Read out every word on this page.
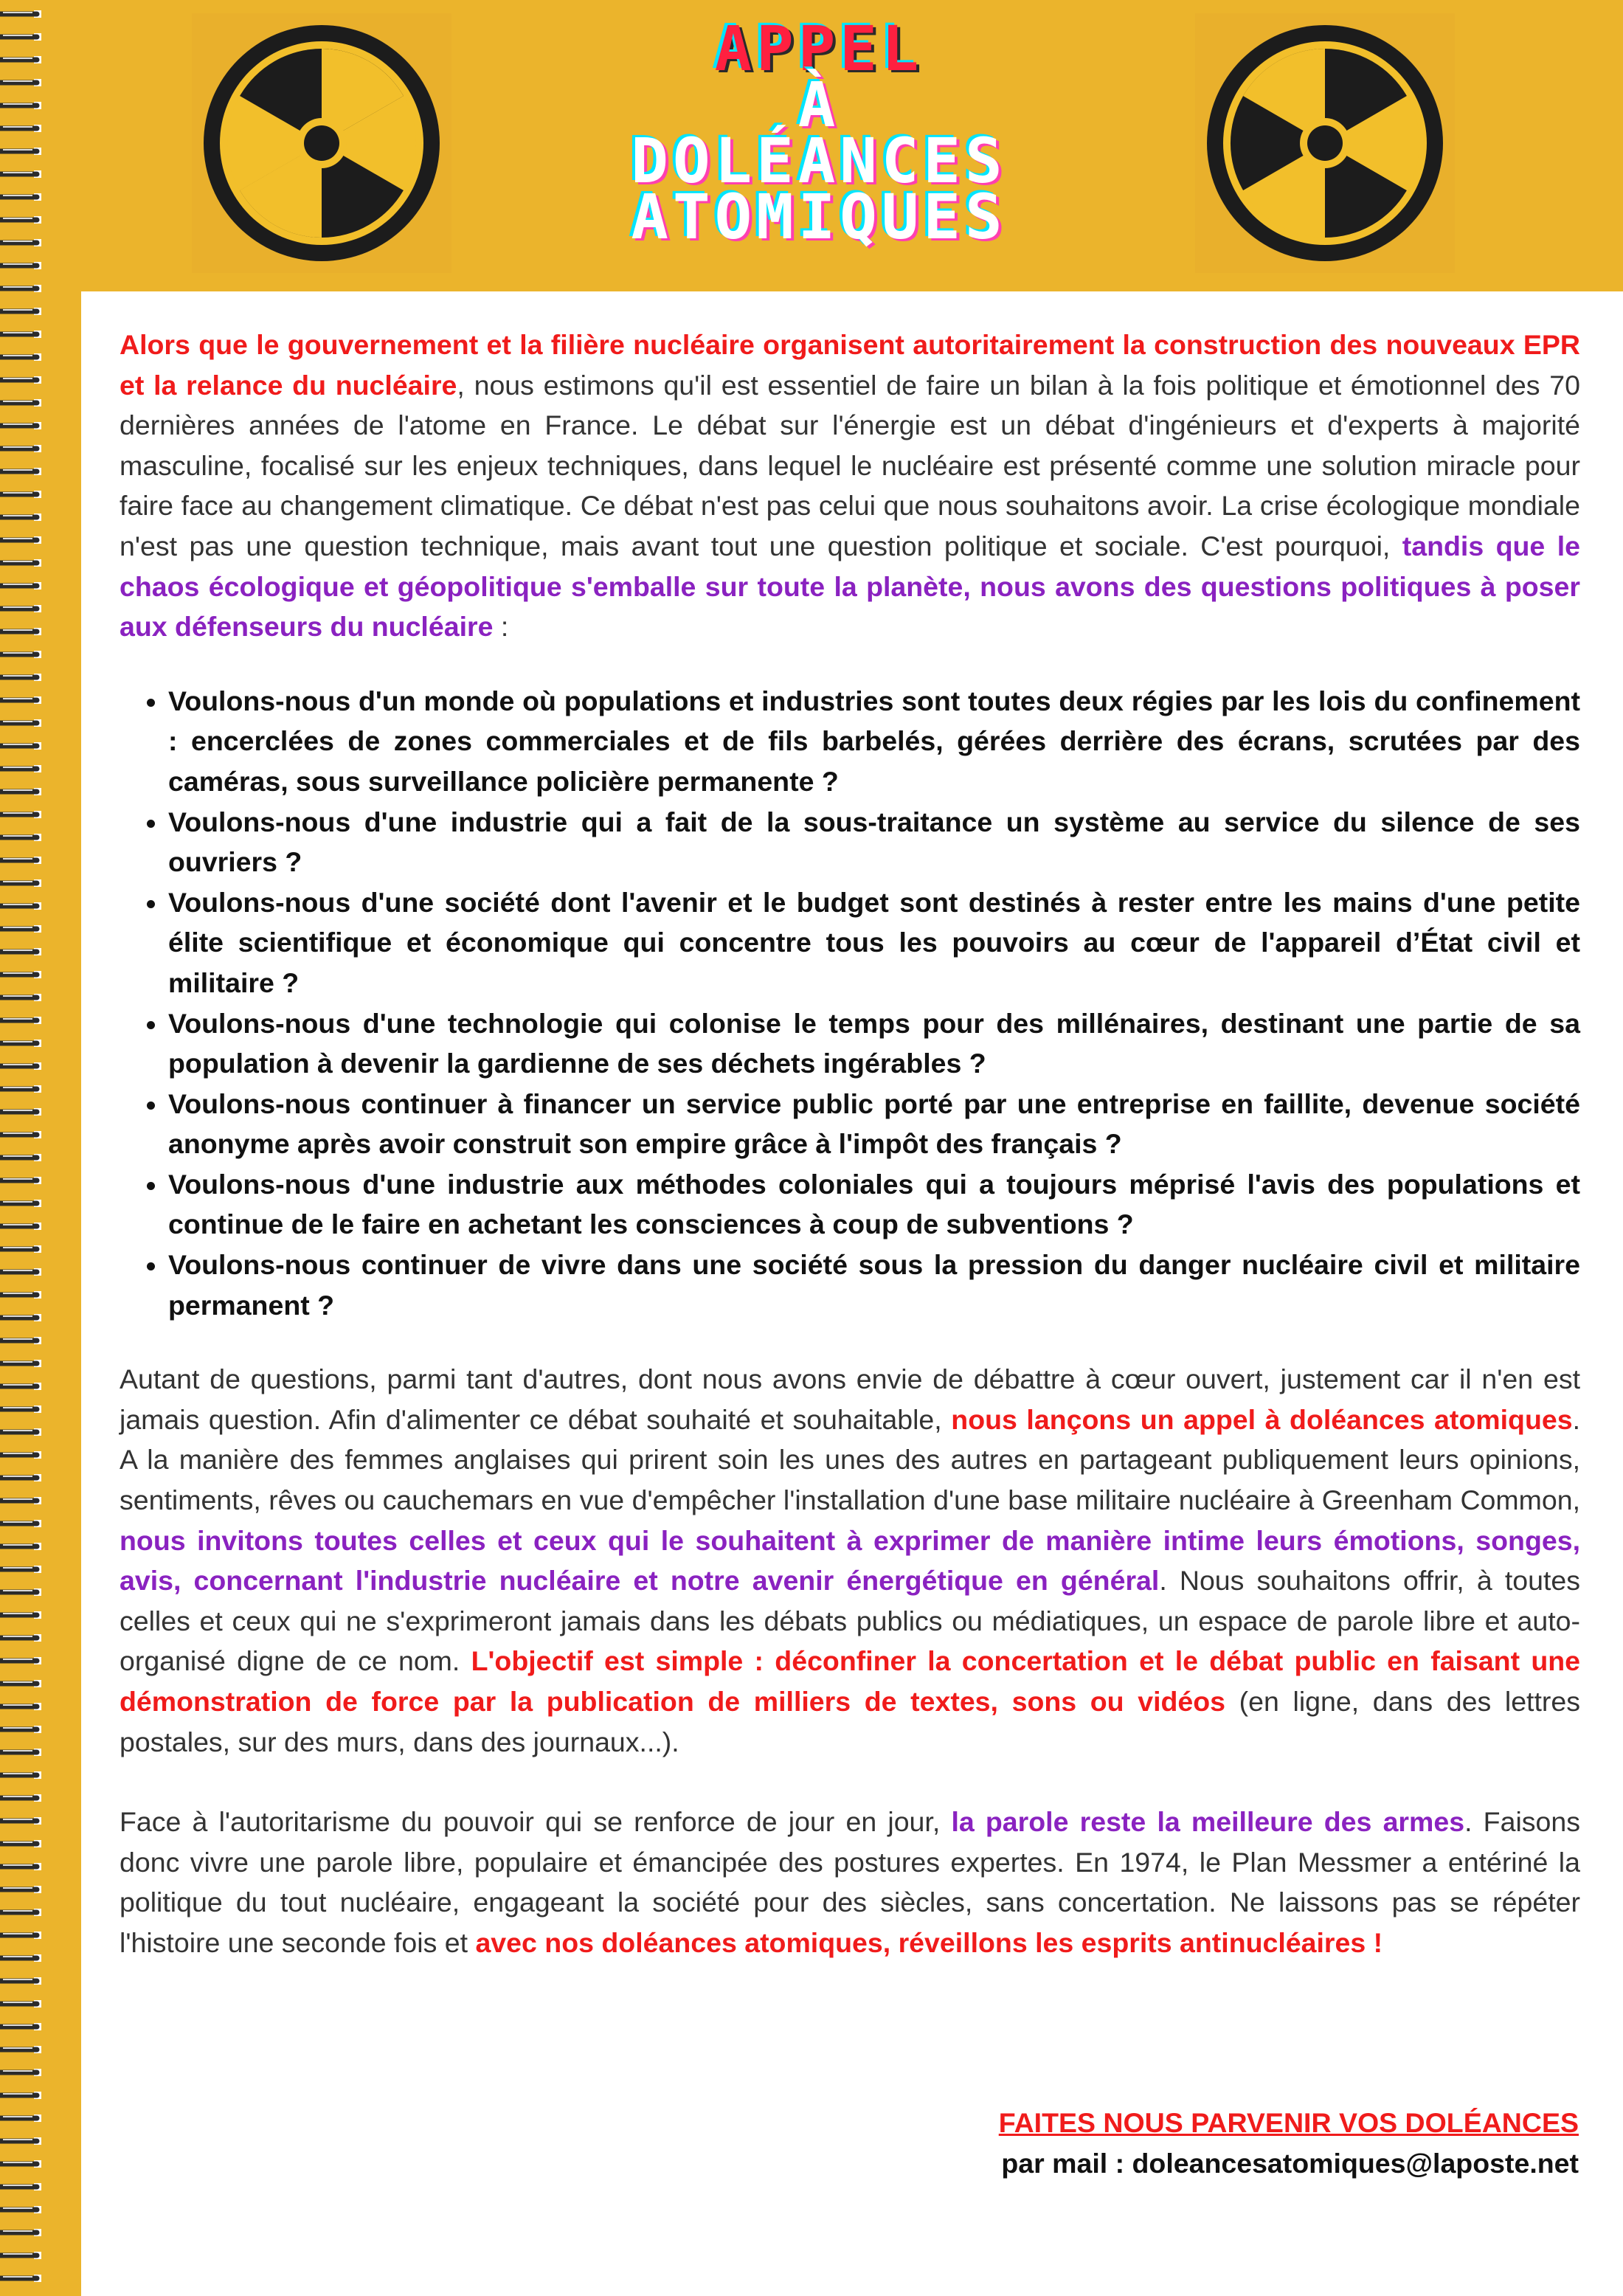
APPEL
À
DOLÉANCES
ATOMIQUES

Alors que le gouvernement et la filière nucléaire organisent autoritairement la construction des nouveaux EPR et la relance du nucléaire, nous estimons qu'il est essentiel de faire un bilan à la fois politique et émotionnel des 70 dernières années de l'atome en France. Le débat sur l'énergie est un débat d'ingénieurs et d'experts à majorité masculine, focalisé sur les enjeux techniques, dans lequel le nucléaire est présenté comme une solution miracle pour faire face au changement climatique. Ce débat n'est pas celui que nous souhaitons avoir. La crise écologique mondiale n'est pas une question technique, mais avant tout une question politique et sociale. C'est pourquoi, tandis que le chaos écologique et géopolitique s'emballe sur toute la planète, nous avons des questions politiques à poser aux défenseurs du nucléaire :

• Voulons-nous d'un monde où populations et industries sont toutes deux régies par les lois du confinement : encerclées de zones commerciales et de fils barbelés, gérées derrière des écrans, scrutées par des caméras, sous surveillance policière permanente ?
• Voulons-nous d'une industrie qui a fait de la sous-traitance un système au service du silence de ses ouvriers ?
• Voulons-nous d'une société dont l'avenir et le budget sont destinés à rester entre les mains d'une petite élite scientifique et économique qui concentre tous les pouvoirs au cœur de l'appareil d’État civil et militaire ?
• Voulons-nous d'une technologie qui colonise le temps pour des millénaires, destinant une partie de sa population à devenir la gardienne de ses déchets ingérables ?
• Voulons-nous continuer à financer un service public porté par une entreprise en faillite, devenue société anonyme après avoir construit son empire grâce à l'impôt des français ?
• Voulons-nous d'une industrie aux méthodes coloniales qui a toujours méprisé l'avis des populations et continue de le faire en achetant les consciences à coup de subventions ?
• Voulons-nous continuer de vivre dans une société sous la pression du danger nucléaire civil et militaire permanent ?

Autant de questions, parmi tant d'autres, dont nous avons envie de débattre à cœur ouvert, justement car il n'en est jamais question. Afin d'alimenter ce débat souhaité et souhaitable, nous lançons un appel à doléances atomiques. A la manière des femmes anglaises qui prirent soin les unes des autres en partageant publiquement leurs opinions, sentiments, rêves ou cauchemars en vue d'empêcher l'installation d'une base militaire nucléaire à Greenham Common, nous invitons toutes celles et ceux qui le souhaitent à exprimer de manière intime leurs émotions, songes, avis, concernant l'industrie nucléaire et notre avenir énergétique en général. Nous souhaitons offrir, à toutes celles et ceux qui ne s'exprimeront jamais dans les débats publics ou médiatiques, un espace de parole libre et auto-organisé digne de ce nom. L'objectif est simple : déconfiner la concertation et le débat public en faisant une démonstration de force par la publication de milliers de textes, sons ou vidéos (en ligne, dans des lettres postales, sur des murs, dans des journaux...).

Face à l'autoritarisme du pouvoir qui se renforce de jour en jour, la parole reste la meilleure des armes. Faisons donc vivre une parole libre, populaire et émancipée des postures expertes. En 1974, le Plan Messmer a entériné la politique du tout nucléaire, engageant la société pour des siècles, sans concertation. Ne laissons pas se répéter l'histoire une seconde fois et avec nos doléances atomiques, réveillons les esprits antinucléaires !

FAITES NOUS PARVENIR VOS DOLÉANCES
par mail : doleancesatomiques@laposte.net
